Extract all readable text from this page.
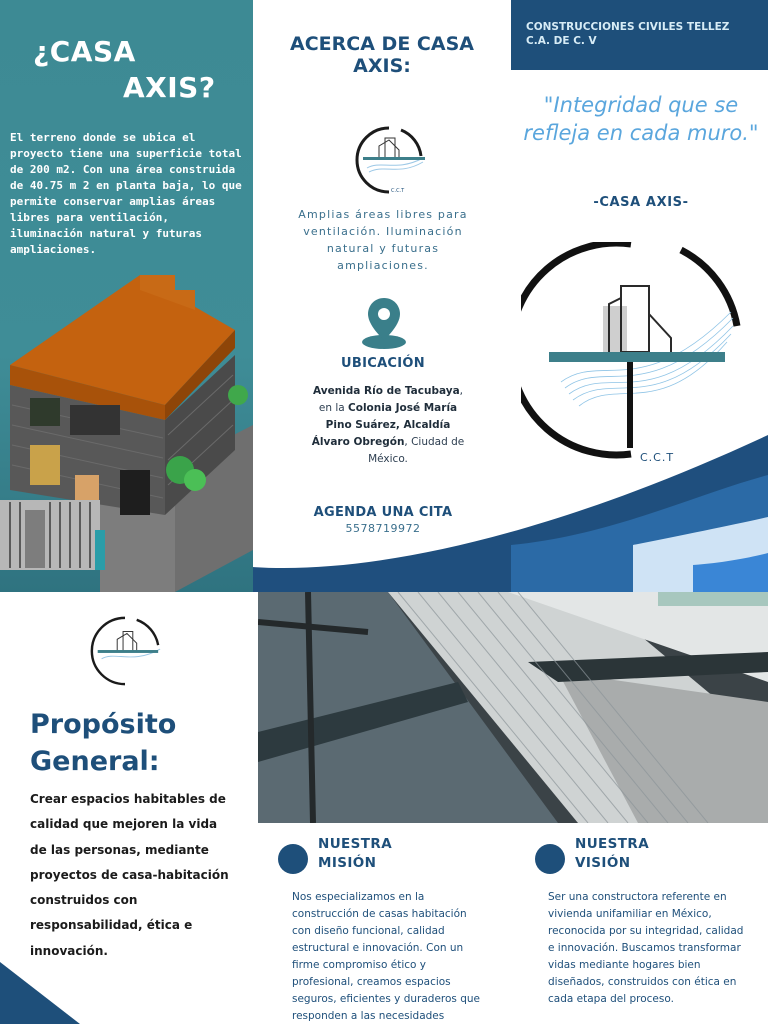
¿CASA
AXIS?

El terreno donde se ubica el proyecto tiene una superficie total de 200 m2. Con una área construida de 40.75 m 2 en planta baja, lo que permite conservar amplias áreas libres para ventilación, iluminación natural y futuras ampliaciones.

ACERCA DE CASA AXIS:
C.C.T

Amplias áreas libres para ventilación. Iluminación natural y futuras ampliaciones.

UBICACIÓN

Avenida Río de Tacubaya, en la Colonia José María Pino Suárez, Alcaldía Álvaro Obregón, Ciudad de México.

AGENDA UNA CITA

5578719972

CONSTRUCCIONES CIVILES TELLEZ C.A. DE C. V

"Integridad que se refleja en cada muro."

-CASA AXIS-

C.C.T
Propósito
General:

Crear espacios habitables de calidad que mejoren la vida de las personas, mediante proyectos de casa-habitación construidos con responsabilidad, ética e innovación.

NUESTRA
MISIÓN

Nos especializamos en la construcción de casas habitación con diseño funcional, calidad estructural e innovación. Con un firme compromiso ético y profesional, creamos espacios seguros, eficientes y duraderos que responden a las necesidades

NUESTRA
VISIÓN

Ser una constructora referente en vivienda unifamiliar en México, reconocida por su integridad, calidad e innovación. Buscamos transformar vidas mediante hogares bien diseñados, construidos con ética en cada etapa del proceso.
